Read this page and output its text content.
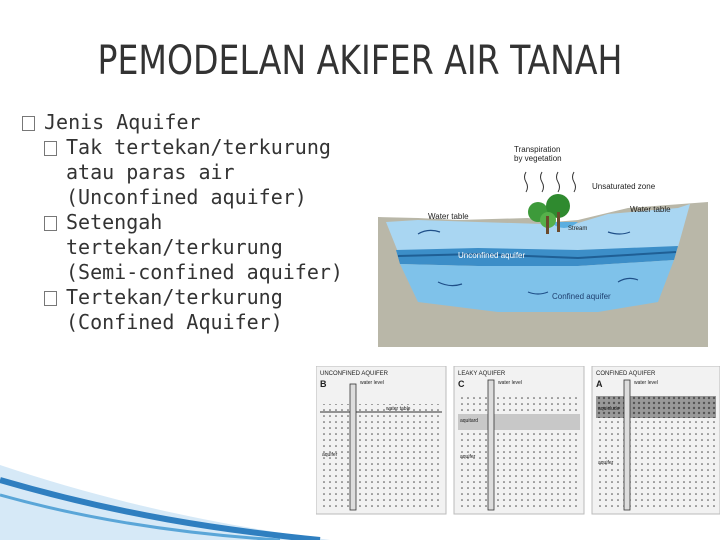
PEMODELAN AKIFER AIR TANAH
Jenis Aquifer
Tak tertekan/terkurung
atau paras air
(Unconfined aquifer)
Setengah
tertekan/terkurung
(Semi-confined aquifer)
Tertekan/terkurung
(Confined Aquifer)
Transpiration
by vegetation
Unsaturated zone
Water table
Water table
Stream
Unconfined aquifer
Confined aquifer
UNCONFINED AQUIFER
B	water level
water table
aquifer
LEAKY AQUIFER
C	water level
aquitard
aquifer
CONFINED AQUIFER
A	water level
aquiclude
aquifer
